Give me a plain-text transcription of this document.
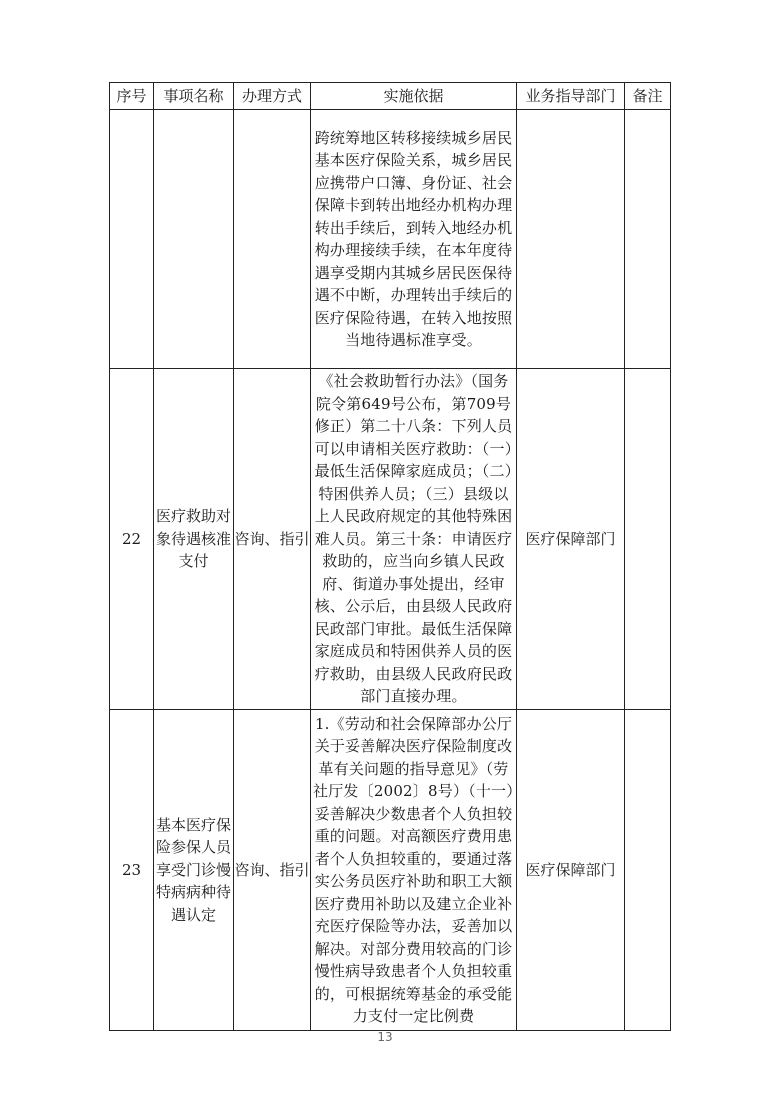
序号	事项名称	办理方式	实施依据	业务指导部门	备注
			跨统筹地区转移接续城乡居民基本医疗保险关系，城乡居民应携带户口簿、身份证、社会保障卡到转出地经办机构办理转出手续后，到转入地经办机构办理接续手续，在本年度待遇享受期内其城乡居民医保待遇不中断，办理转出手续后的医疗保险待遇，在转入地按照当地待遇标准享受。		
22	医疗救助对象待遇核准支付	咨询、指引	《社会救助暂行办法》（国务院令第649号公布，第709号修正）第二十八条：下列人员可以申请相关医疗救助：（一）最低生活保障家庭成员；（二）特困供养人员；（三）县级以上人民政府规定的其他特殊困难人员。第三十条：申请医疗救助的，应当向乡镇人民政府、街道办事处提出，经审核、公示后，由县级人民政府民政部门审批。最低生活保障家庭成员和特困供养人员的医疗救助，由县级人民政府民政部门直接办理。	医疗保障部门	
23	基本医疗保险参保人员享受门诊慢特病病种待遇认定	咨询、指引	1.《劳动和社会保障部办公厅关于妥善解决医疗保险制度改革有关问题的指导意见》（劳社厅发〔2002〕8号）（十一）妥善解决少数患者个人负担较重的问题。对高额医疗费用患者个人负担较重的，要通过落实公务员医疗补助和职工大额医疗费用补助以及建立企业补充医疗保险等办法，妥善加以解决。对部分费用较高的门诊慢性病导致患者个人负担较重的，可根据统筹基金的承受能力支付一定比例费	医疗保障部门	
13
